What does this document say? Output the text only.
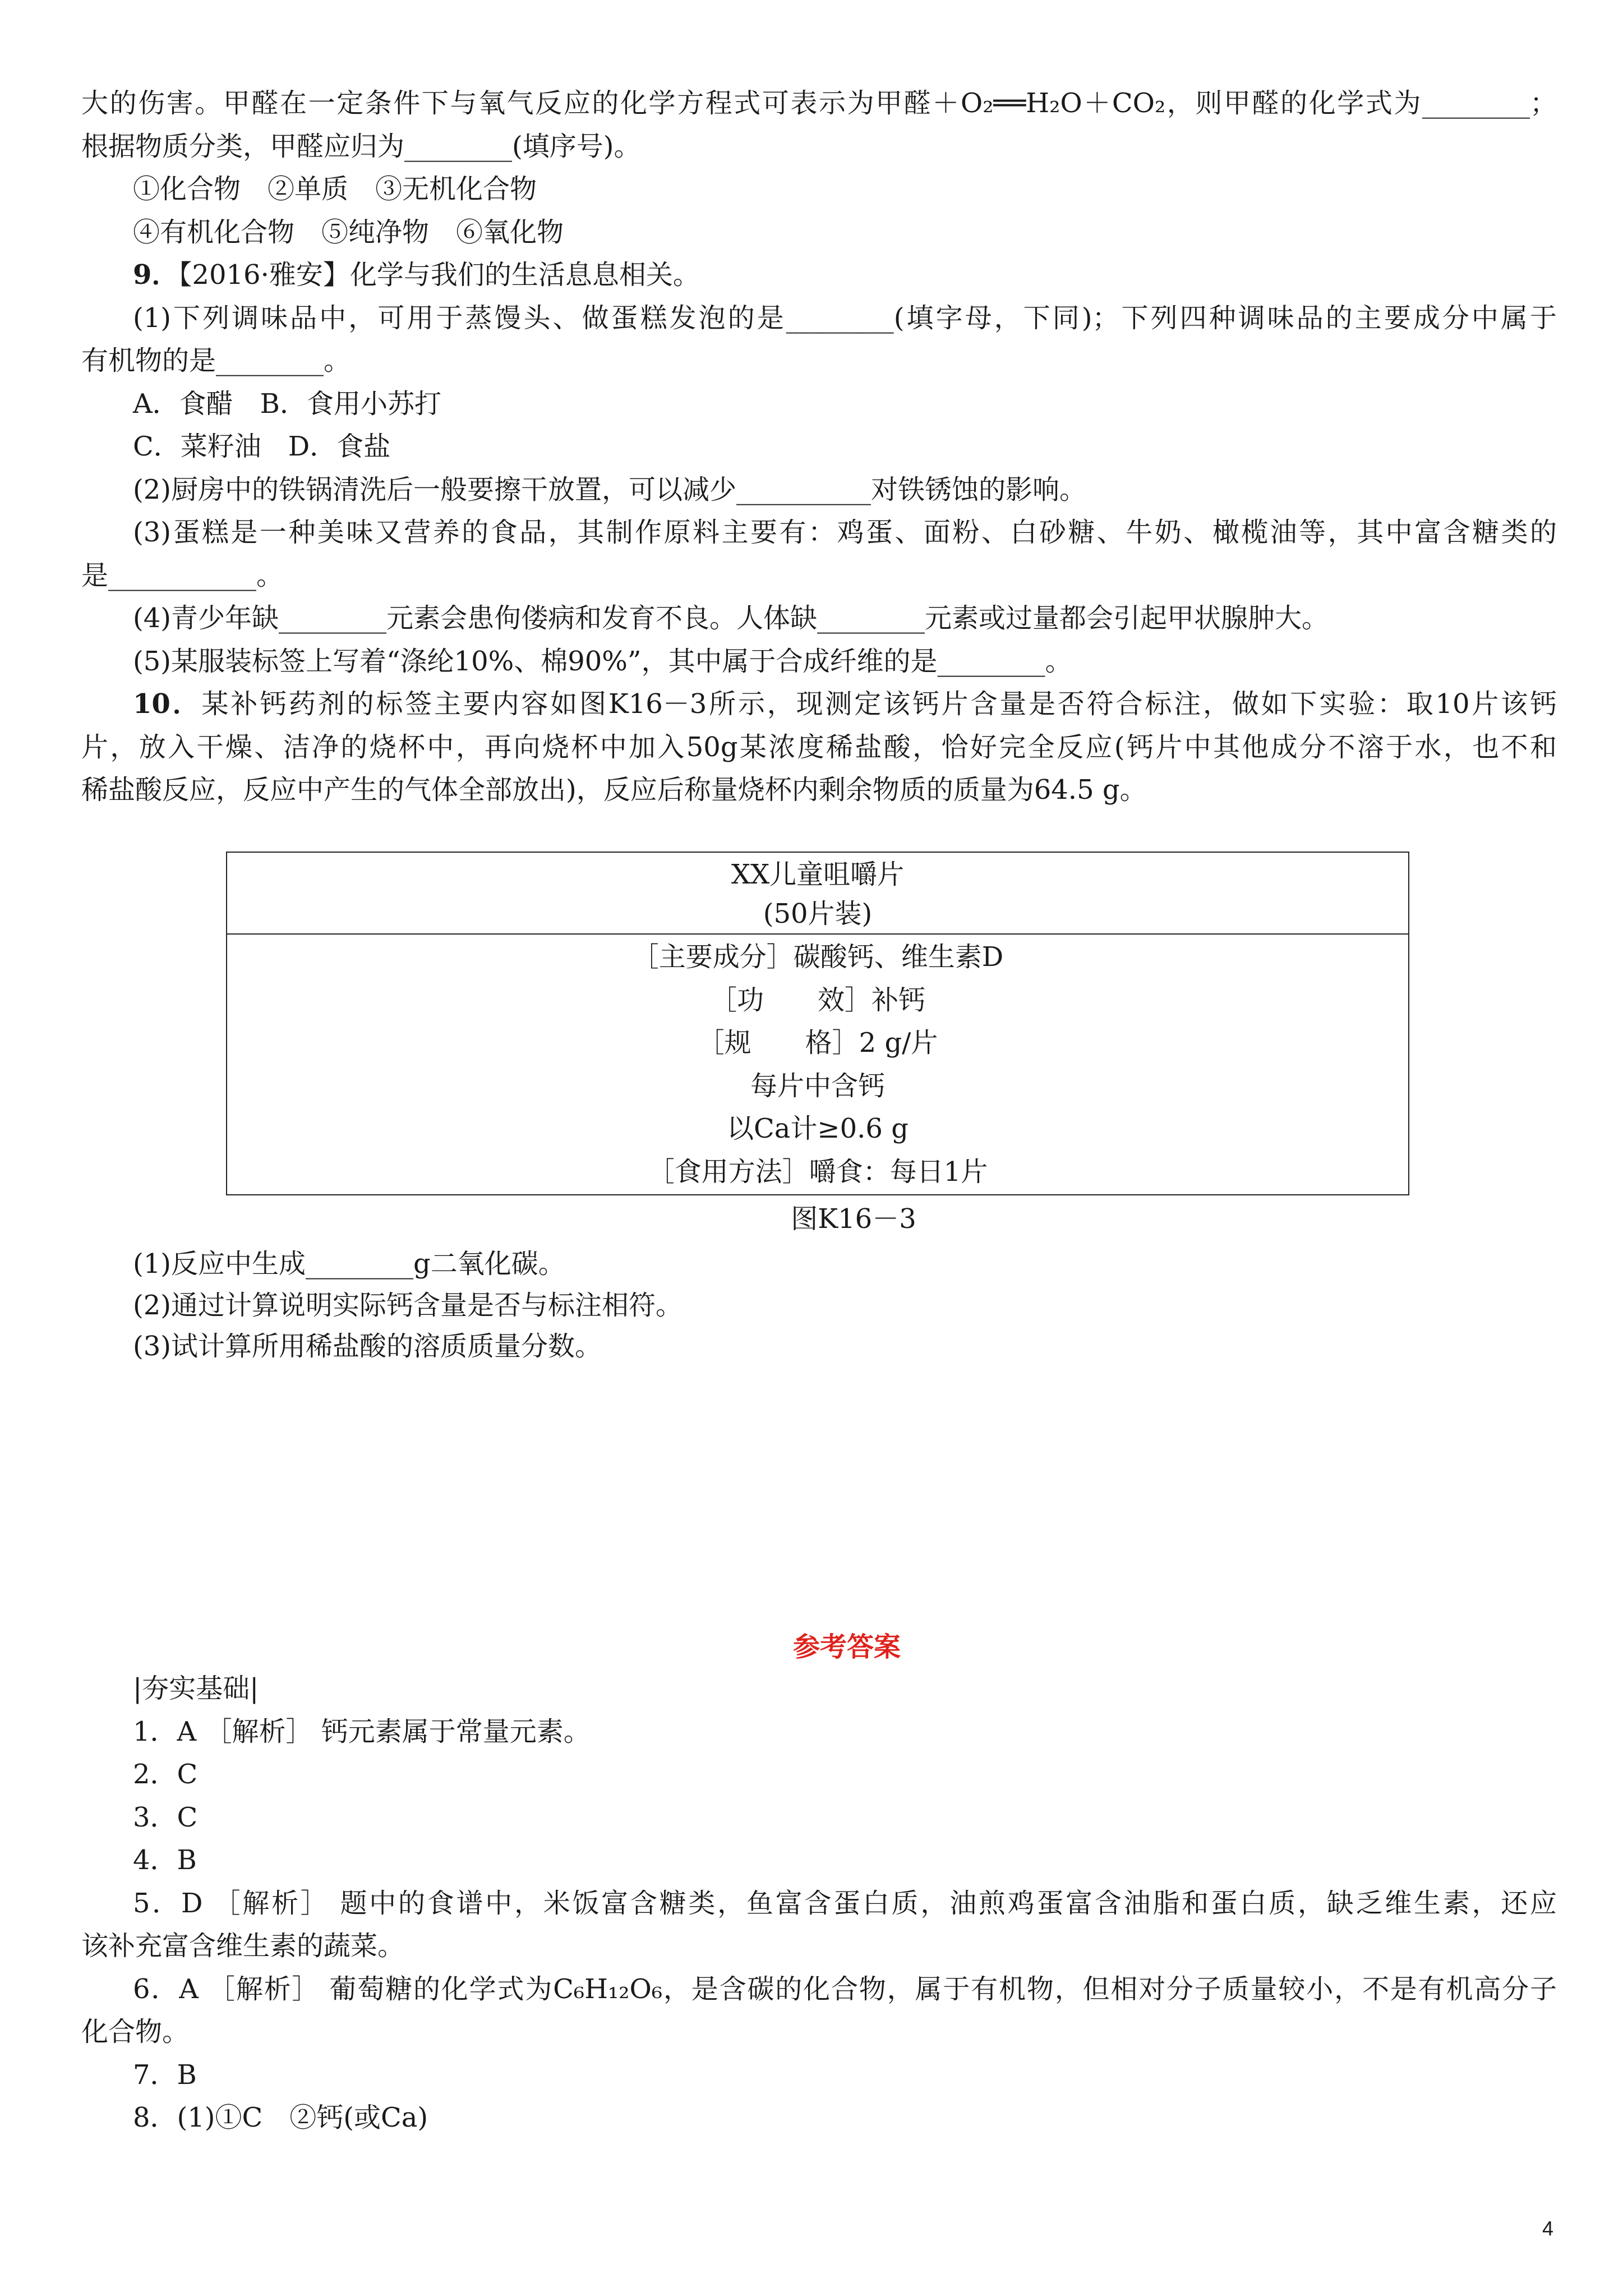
大的伤害。甲醛在一定条件下与氧气反应的化学方程式可表示为甲醛＋O₂══H₂O＋CO₂，则甲醛的化学式为________；
根据物质分类，甲醛应归为________(填序号)。
①化合物　②单质　③无机化合物
④有机化合物　⑤纯净物　⑥氧化物
9．【2016·雅安】化学与我们的生活息息相关。
(1)下列调味品中，可用于蒸馒头、做蛋糕发泡的是________(填字母，下同)；下列四种调味品的主要成分中属于
有机物的是________。
A．食醋　B．食用小苏打
C．菜籽油　D．食盐
(2)厨房中的铁锅清洗后一般要擦干放置，可以减少__________对铁锈蚀的影响。
(3)蛋糕是一种美味又营养的食品，其制作原料主要有：鸡蛋、面粉、白砂糖、牛奶、橄榄油等，其中富含糖类的
是___________。
(4)青少年缺________元素会患佝偻病和发育不良。人体缺________元素或过量都会引起甲状腺肿大。
(5)某服装标签上写着“涤纶10%、棉90%”，其中属于合成纤维的是________。
10．某补钙药剂的标签主要内容如图K16－3所示，现测定该钙片含量是否符合标注，做如下实验：取10片该钙
片，放入干燥、洁净的烧杯中，再向烧杯中加入50g某浓度稀盐酸，恰好完全反应(钙片中其他成分不溶于水，也不和
稀盐酸反应，反应中产生的气体全部放出)，反应后称量烧杯内剩余物质的质量为64.5 g。
XX儿童咀嚼片
(50片装)
［主要成分］碳酸钙、维生素D
［功　　效］补钙
［规　　格］2 g/片
每片中含钙
以Ca计≥0.6 g
［食用方法］嚼食：每日1片
图K16－3
(1)反应中生成________g二氧化碳。
(2)通过计算说明实际钙含量是否与标注相符。
(3)试计算所用稀盐酸的溶质质量分数。
参考答案
|夯实基础|
1．A ［解析］ 钙元素属于常量元素。
2．C
3．C
4．B
5．D ［解析］ 题中的食谱中，米饭富含糖类，鱼富含蛋白质，油煎鸡蛋富含油脂和蛋白质，缺乏维生素，还应
该补充富含维生素的蔬菜。
6．A ［解析］ 葡萄糖的化学式为C₆H₁₂O₆，是含碳的化合物，属于有机物，但相对分子质量较小，不是有机高分子
化合物。
7．B
8．(1)①C　②钙(或Ca)
4
